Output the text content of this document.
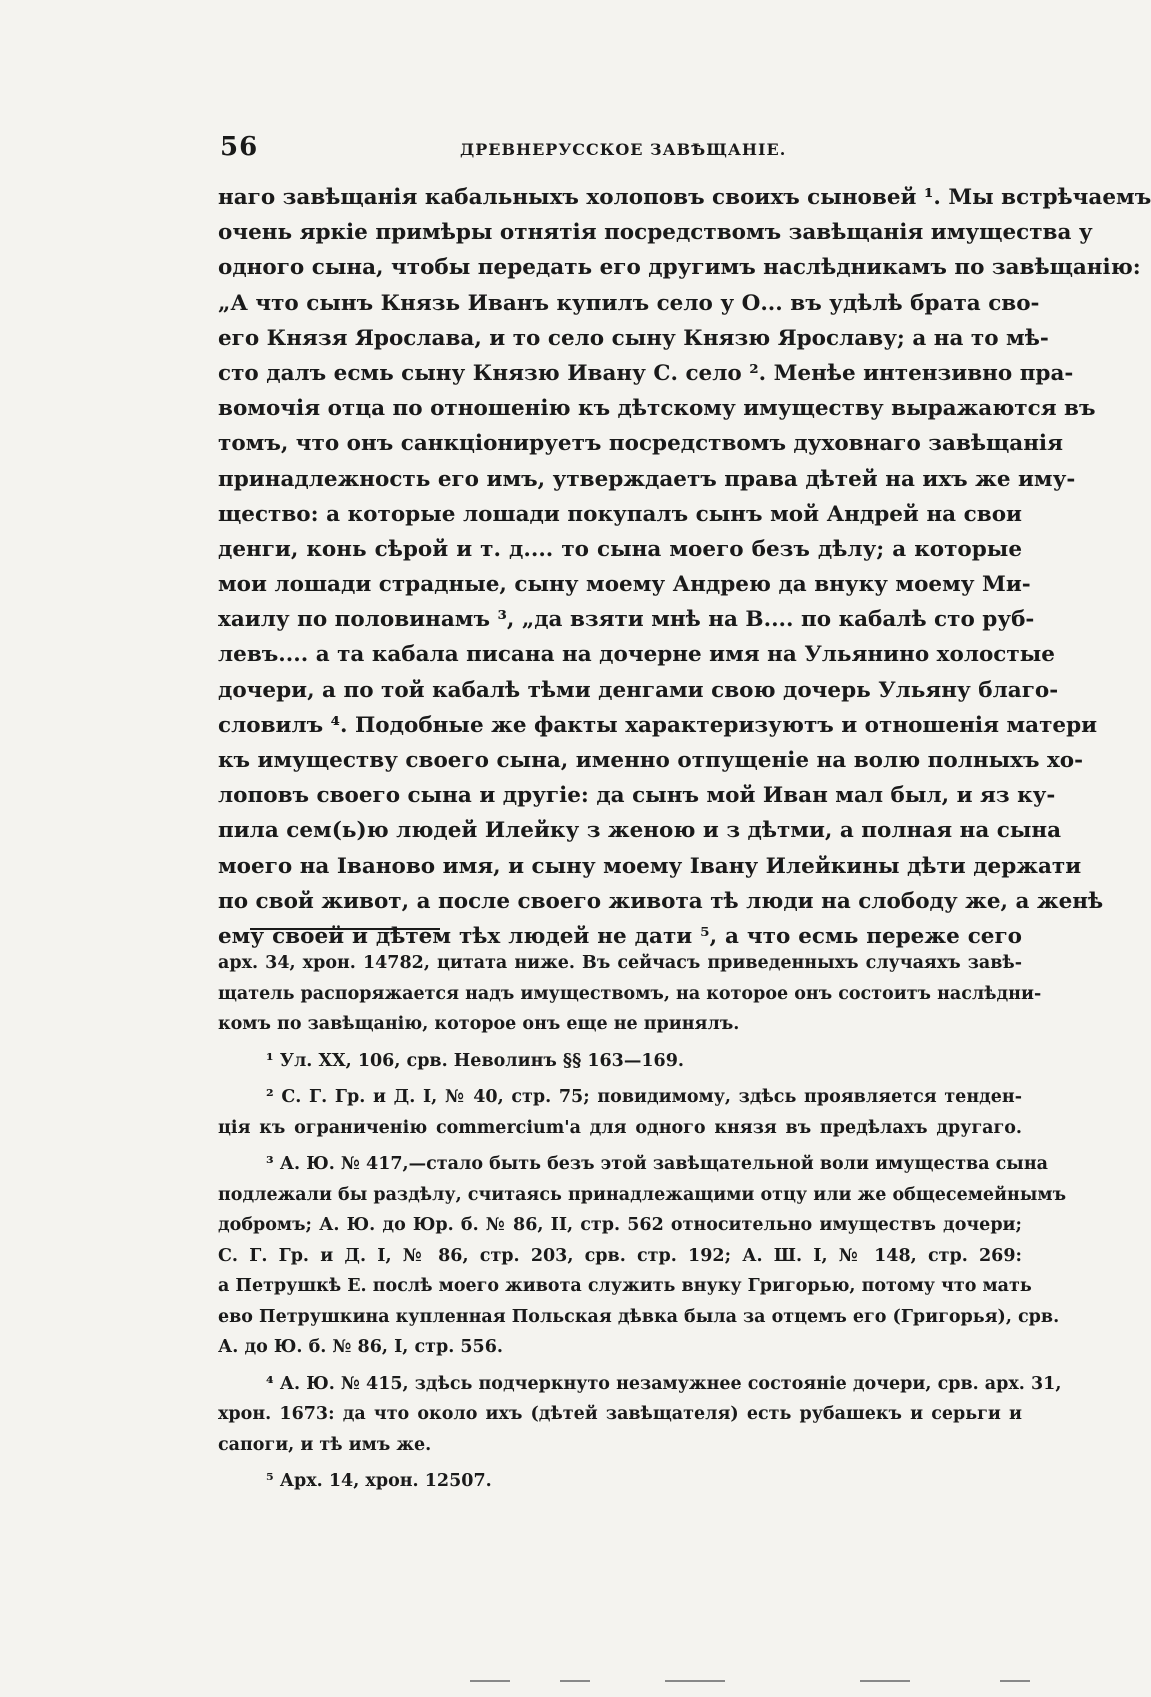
56	ДРЕВНЕРУССКОЕ ЗАВѢЩАНІЕ.
наго завѣщанія кабальныхъ холоповъ своихъ сыновей ¹. Мы встрѣчаемъ
очень яркіе примѣры отнятія посредствомъ завѣщанія имущества у
одного сына, чтобы передать его другимъ наслѣдникамъ по завѣщанію:
„А что сынъ Князь Иванъ купилъ село у О... въ удѣлѣ брата сво-
его Князя Ярослава, и то село сыну Князю Ярославу; а на то мѣ-
сто далъ есмь сыну Князю Ивану С. село ². Менѣе интензивно пра-
вомочія отца по отношенію къ дѣтскому имуществу выражаются въ
томъ, что онъ санкціонируетъ посредствомъ духовнаго завѣщанія
принадлежность его имъ, утверждаетъ права дѣтей на ихъ же иму-
щество: а которые лошади покупалъ сынъ мой Андрей на свои
денги, конь сѣрой и т. д.... то сына моего безъ дѣлу; а которые
мои лошади страдные, сыну моему Андрею да внуку моему Ми-
хаилу по половинамъ ³, „да взяти мнѣ на В.... по кабалѣ сто руб-
левъ.... а та кабала писана на дочерне имя на Ульянино холостые
дочери, а по той кабалѣ тѣми денгами свою дочерь Ульяну благо-
словилъ ⁴. Подобные же факты характеризуютъ и отношенія матери
къ имуществу своего сына, именно отпущеніе на волю полныхъ хо-
лоповъ своего сына и другіе: да сынъ мой Иван мал был, и яз ку-
пила сем(ь)ю людей Илейку з женою и з дѣтми, а полная на сына
моего на Іваново имя, и сыну моему Івану Илейкины дѣти держати
по свой живот, а после своего живота тѣ люди на слободу же, а женѣ
ему своей и дѣтем тѣх людей не дати ⁵, а что есмь переже сего
арх. 34, хрон. 14782, цитата ниже. Въ сейчасъ приведенныхъ случаяхъ завѣ-
щатель распоряжается надъ имуществомъ, на которое онъ состоитъ наслѣдни-
комъ по завѣщанію, которое онъ еще не принялъ.
¹ Ул. XX, 106, срв. Неволинъ §§ 163—169.
² С. Г. Гр. и Д. I, № 40, стр. 75; повидимому, здѣсь проявляется тенден-
ція къ ограниченію commercium'а для одного князя въ предѣлахъ другаго.
³ А. Ю. № 417,—стало быть безъ этой завѣщательной воли имущества сына
подлежали бы раздѣлу, считаясь принадлежащими отцу или же общесемейнымъ
добромъ; А. Ю. до Юр. б. № 86, II, стр. 562 относительно имуществъ дочери;
С. Г. Гр. и Д. I, № 86, стр. 203, срв. стр. 192; А. Ш. I, № 148, стр. 269:
а Петрушкѣ Е. послѣ моего живота служить внуку Григорью, потому что мать
ево Петрушкина купленная Польская дѣвка была за отцемъ его (Григорья), срв.
А. до Ю. б. № 86, I, стр. 556.
⁴ А. Ю. № 415, здѣсь подчеркнуто незамужнее состояніе дочери, срв. арх. 31,
хрон. 1673: да что около ихъ (дѣтей завѣщателя) есть рубашекъ и серьги и
сапоги, и тѣ имъ же.
⁵ Арх. 14, хрон. 12507.
